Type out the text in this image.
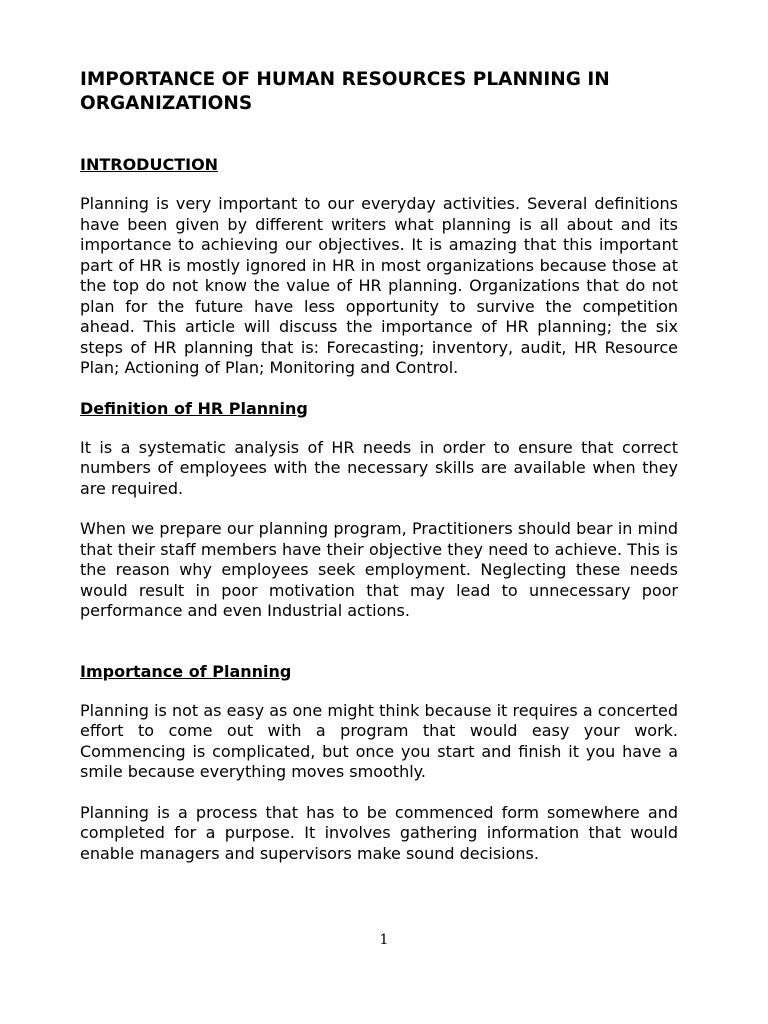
IMPORTANCE OF HUMAN RESOURCES PLANNING IN ORGANIZATIONS
INTRODUCTION

Planning is very important to our everyday activities. Several definitions have been given by different writers what planning is all about and its importance to achieving our objectives. It is amazing that this important part of HR is mostly ignored in HR in most organizations because those at the top do not know the value of HR planning. Organizations that do not plan for the future have less opportunity to survive the competition ahead. This article will discuss the importance of HR planning; the six steps of HR planning that is: Forecasting; inventory, audit, HR Resource Plan; Actioning of Plan; Monitoring and Control.

Definition of HR Planning

It is a systematic analysis of HR needs in order to ensure that correct numbers of employees with the necessary skills are available when they are required.

When we prepare our planning program, Practitioners should bear in mind that their staff members have their objective they need to achieve. This is the reason why employees seek employment. Neglecting these needs would result in poor motivation that may lead to unnecessary poor performance and even Industrial actions.

Importance of Planning

Planning is not as easy as one might think because it requires a concerted effort to come out with a program that would easy your work. Commencing is complicated, but once you start and finish it you have a smile because everything moves smoothly.

Planning is a process that has to be commenced form somewhere and completed for a purpose. It involves gathering information that would enable managers and supervisors make sound decisions.

1
